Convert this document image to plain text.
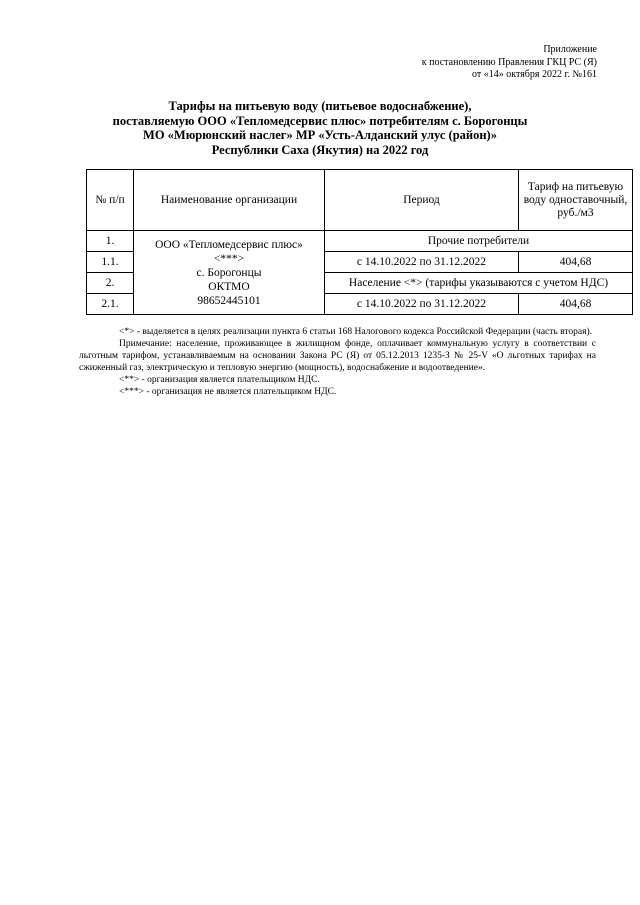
Приложение
к постановлению Правления ГКЦ РС (Я)
от «14» октября 2022 г. №161
Тарифы на питьевую воду (питьевое водоснабжение),
поставляемую ООО «Тепломедсервис плюс» потребителям с. Борогонцы
МО «Мюрюнский наслег» МР «Усть-Алданский улус (район)»
Республики Саха (Якутия) на 2022 год
№ п/п	Наименование организации	Период	Тариф на питьевую воду одноставочный, руб./м3
1.	ООО «Тепломедсервис плюс»
<***>
с. Борогонцы
ОКТМО
98652445101	Прочие потребители	
1.1.		с 14.10.2022 по 31.12.2022	404,68
2.		Население <*> (тарифы указываются с учетом НДС)	
2.1.		с 14.10.2022 по 31.12.2022	404,68

<*> - выделяется в целях реализации пункта 6 статьи 168 Налогового кодекса Российской Федерации (часть вторая).

Примечание: население, проживающее в жилищном фонде, оплачивает коммунальную услугу в соответствии с льготным тарифом, устанавливаемым на основании Закона РС (Я) от 05.12.2013 1235-З № 25-V «О льготных тарифах на сжиженный газ, электрическую и тепловую энергию (мощность), водоснабжение и водоотведение».

<**> - организация является плательщиком НДС.

<***> - организация не является плательщиком НДС.
